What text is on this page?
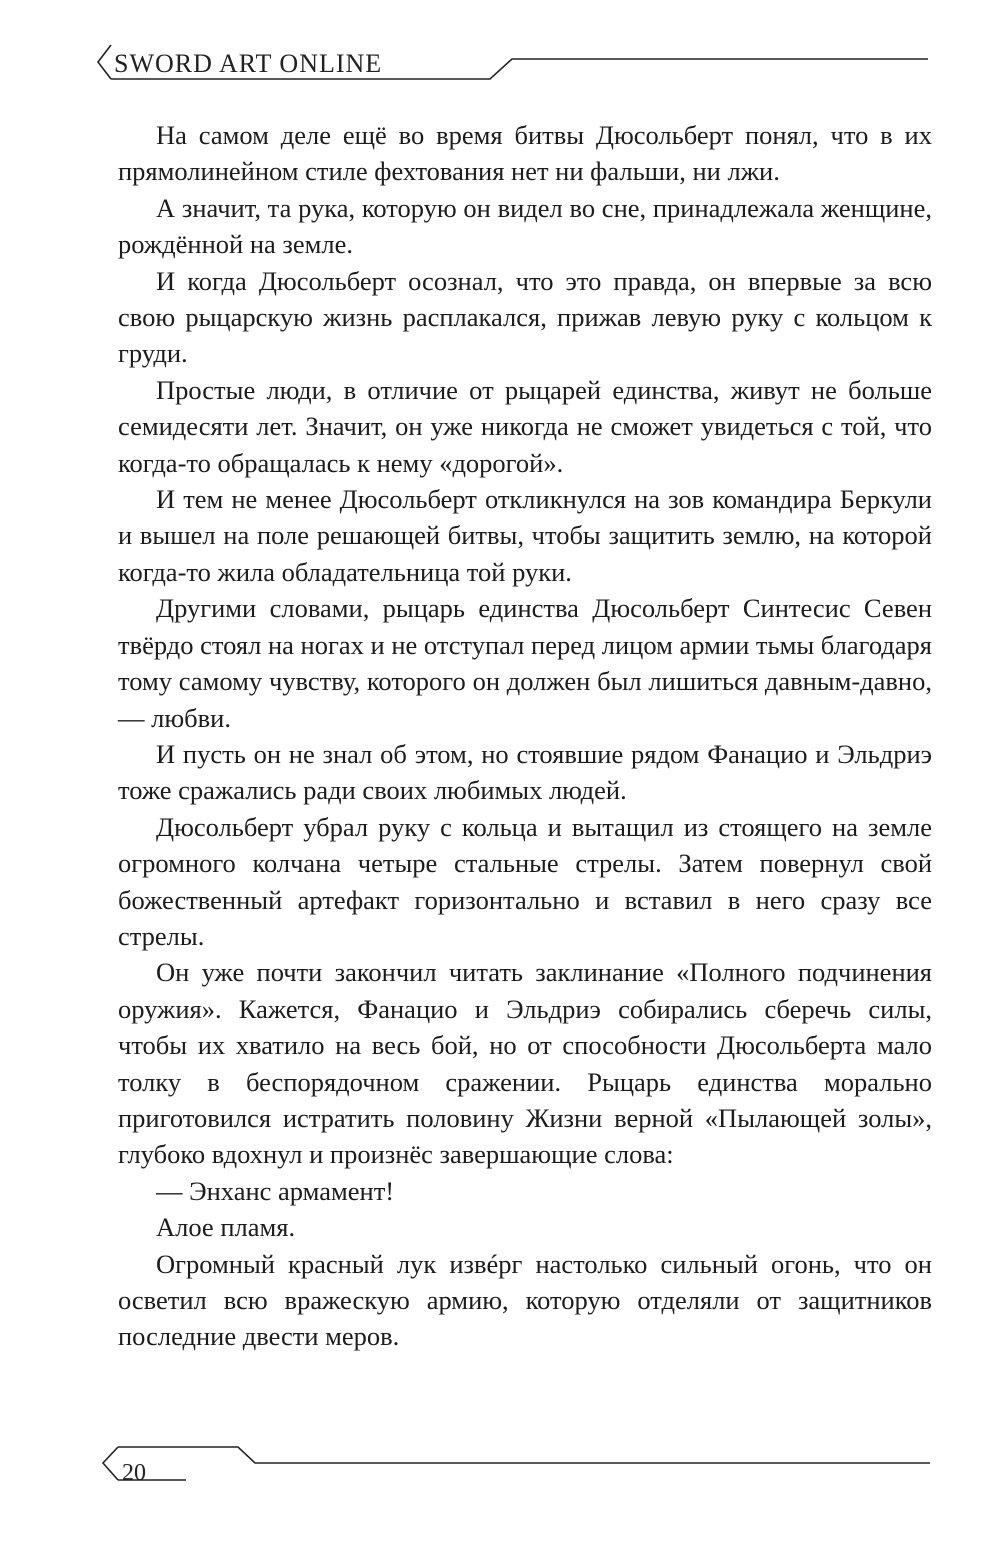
SWORD ART ONLINE

На самом деле ещё во время битвы Дюсольберт понял, что в их прямолинейном стиле фехтования нет ни фальши, ни лжи.

А значит, та рука, которую он видел во сне, принадлежала женщине, рождённой на земле.

И когда Дюсольберт осознал, что это правда, он впервые за всю свою рыцарскую жизнь расплакался, прижав левую руку с кольцом к груди.

Простые люди, в отличие от рыцарей единства, живут не больше семидесяти лет. Значит, он уже никогда не сможет увидеться с той, что когда-то обращалась к нему «дорогой».

И тем не менее Дюсольберт откликнулся на зов командира Беркули и вышел на поле решающей битвы, чтобы защитить землю, на которой когда-то жила обладательница той руки.

Другими словами, рыцарь единства Дюсольберт Синтесис Севен твёрдо стоял на ногах и не отступал перед лицом армии тьмы благодаря тому самому чувству, которого он должен был лишиться давным-давно, — любви.

И пусть он не знал об этом, но стоявшие рядом Фанацио и Эльдриэ тоже сражались ради своих любимых людей.

Дюсольберт убрал руку с кольца и вытащил из стоящего на земле огромного колчана четыре стальные стрелы. Затем повернул свой божественный артефакт горизонтально и вставил в него сразу все стрелы.

Он уже почти закончил читать заклинание «Полного подчинения оружия». Кажется, Фанацио и Эльдриэ собирались сберечь силы, чтобы их хватило на весь бой, но от способности Дюсольберта мало толку в беспорядочном сражении. Рыцарь единства морально приготовился истратить половину Жизни верной «Пылающей золы», глубоко вдохнул и произнёс завершающие слова:

— Энханс армамент!

Алое пламя.

Огромный красный лук извéрг настолько сильный огонь, что он осветил всю вражескую армию, которую отделяли от защитников последние двести меров.

20
